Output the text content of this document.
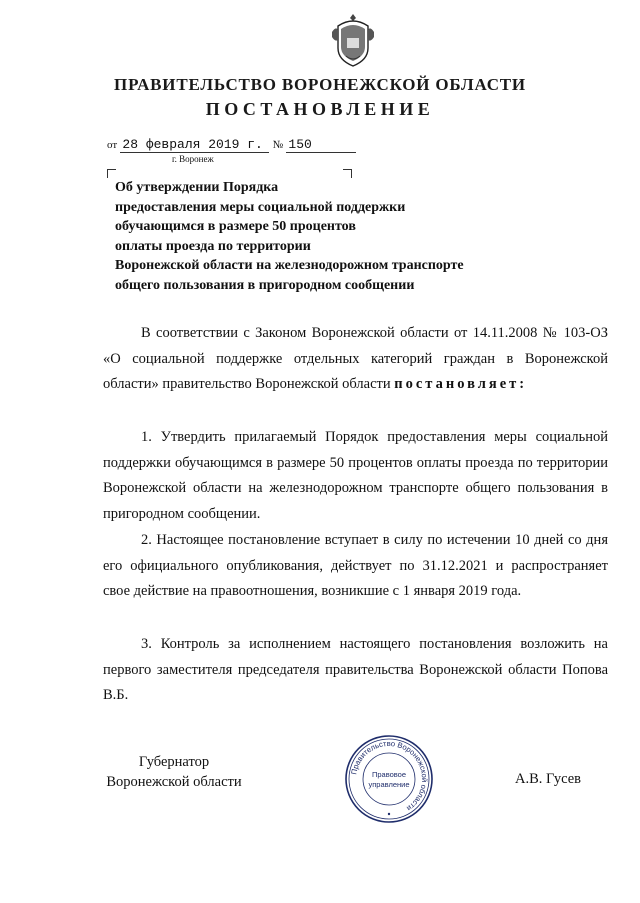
ПРАВИТЕЛЬСТВО ВОРОНЕЖСКОЙ ОБЛАСТИ
ПОСТАНОВЛЕНИЕ
от 28 февраля 2019 г. № 150
г. Воронеж
Об утверждении Порядка
предоставления меры социальной поддержки
обучающимся в размере 50 процентов
оплаты проезда по территории
Воронежской области на железнодорожном транспорте
общего пользования в пригородном сообщении

В соответствии с Законом Воронежской области от 14.11.2008 № 103-ОЗ «О социальной поддержке отдельных категорий граждан в Воронежской области» правительство Воронежской области постановляет:

1. Утвердить прилагаемый Порядок предоставления меры социальной поддержки обучающимся в размере 50 процентов оплаты проезда по территории Воронежской области на железнодорожном транспорте общего пользования в пригородном сообщении.

2. Настоящее постановление вступает в силу по истечении 10 дней со дня его официального опубликования, действует по 31.12.2021 и распространяет свое действие на правоотношения, возникшие с 1 января 2019 года.

3. Контроль за исполнением настоящего постановления возложить на первого заместителя председателя правительства Воронежской области Попова В.Б.

Губернатор
Воронежской области	А.В. Гусев
Правительство Воронежской области
Правовое
управление
